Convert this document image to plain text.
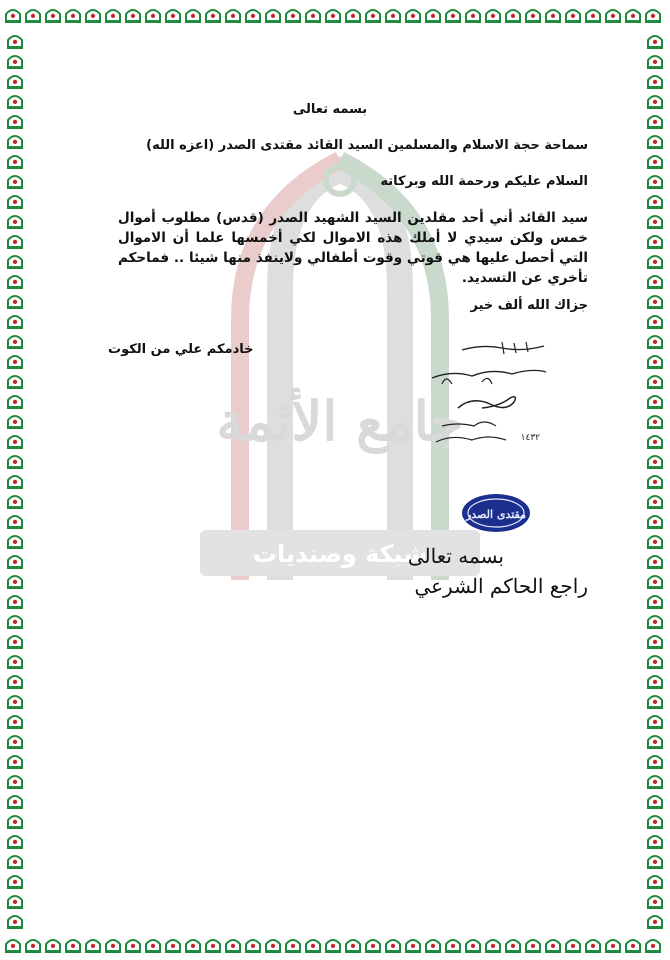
جامع الأئمة
شبكة وصنديات
بسمه تعالى
سماحة حجة الاسلام والمسلمين السيد القائد مقتدى الصدر (اعزه الله)
السلام عليكم ورحمة الله وبركاته
سيد القائد أني أحد مقلدين السيد الشهيد الصدر (قدس) مطلوب أموال خمس ولكن سيدي لا أملك هذه الاموال لكي أخمسها علما أن الاموال التي أحصل عليها هي قوتي وقوت أطفالي ولاينفذ منها شيئا .. فماحكم تأخري عن التسديد.
جزاك الله ألف خير
خادمكم علي من الكوت
١٤٣٢
مقتدى الصدر
بسمه تعالى
راجع الحاكم الشرعي
